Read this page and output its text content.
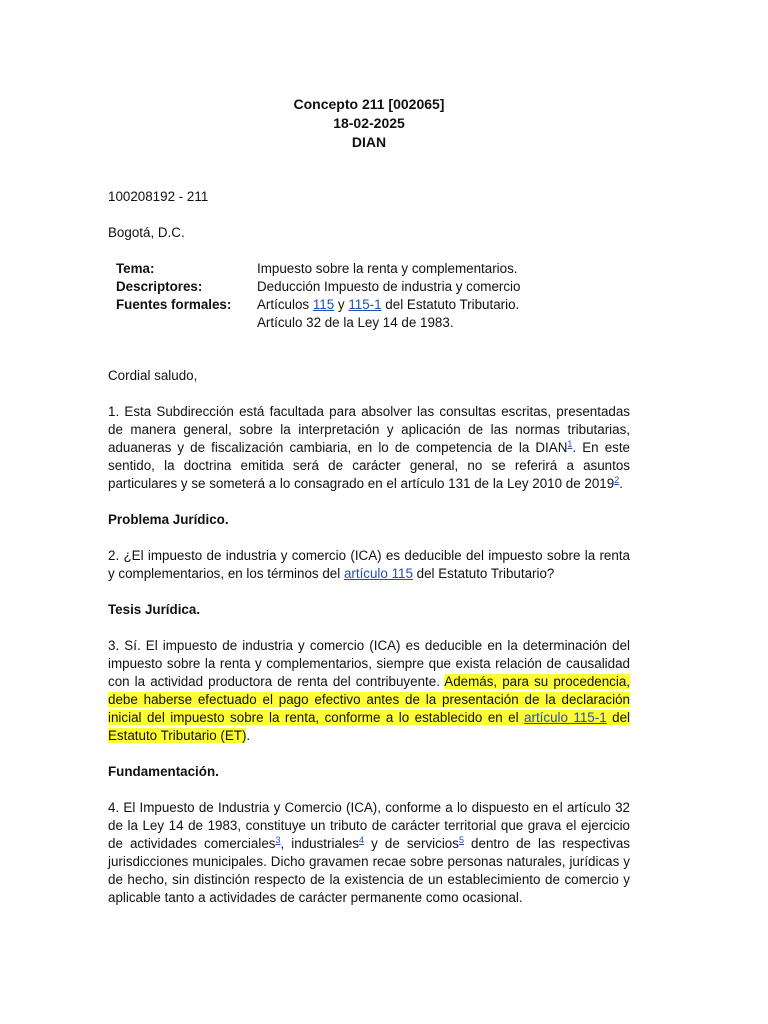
Concepto 211 [002065]
18-02-2025
DIAN

100208192 - 211

Bogotá, D.C.

Tema:	Impuesto sobre la renta y complementarios.
Descriptores:	Deducción Impuesto de industria y comercio
Fuentes formales:	Artículos 115 y 115-1 del Estatuto Tributario.
Artículo 32 de la Ley 14 de 1983.

Cordial saludo,

1. Esta Subdirección está facultada para absolver las consultas escritas, presentadas de manera general, sobre la interpretación y aplicación de las normas tributarias, aduaneras y de fiscalización cambiaria, en lo de competencia de la DIAN$^1$. En este sentido, la doctrina emitida será de carácter general, no se referirá a asuntos particulares y se someterá a lo consagrado en el artículo 131 de la Ley 2010 de 2019$^2$.

Problema Jurídico.

2. ¿El impuesto de industria y comercio (ICA) es deducible del impuesto sobre la renta y complementarios, en los términos del artículo 115 del Estatuto Tributario?

Tesis Jurídica.

3. Sí. El impuesto de industria y comercio (ICA) es deducible en la determinación del impuesto sobre la renta y complementarios, siempre que exista relación de causalidad con la actividad productora de renta del contribuyente. Además, para su procedencia, debe haberse efectuado el pago efectivo antes de la presentación de la declaración inicial del impuesto sobre la renta, conforme a lo establecido en el artículo 115-1 del Estatuto Tributario (ET).

Fundamentación.

4. El Impuesto de Industria y Comercio (ICA), conforme a lo dispuesto en el artículo 32 de la Ley 14 de 1983, constituye un tributo de carácter territorial que grava el ejercicio de actividades comerciales$^3$, industriales$^4$ y de servicios$^5$ dentro de las respectivas jurisdicciones municipales. Dicho gravamen recae sobre personas naturales, jurídicas y de hecho, sin distinción respecto de la existencia de un establecimiento de comercio y aplicable tanto a actividades de carácter permanente como ocasional.
